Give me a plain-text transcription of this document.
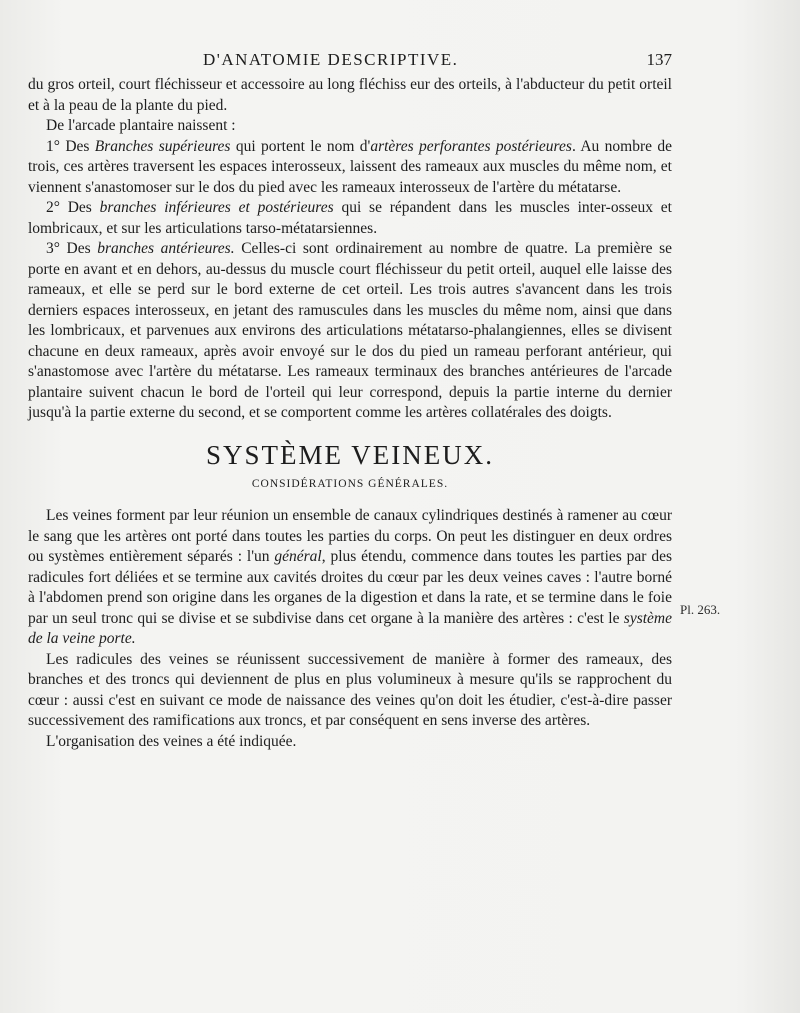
D'ANATOMIE DESCRIPTIVE.	137

du gros orteil, court fléchisseur et accessoire au long fléchiss eur des orteils, à l'abducteur du petit orteil et à la peau de la plante du pied.

De l'arcade plantaire naissent :

1° Des Branches supérieures qui portent le nom d'artères perforantes postérieures. Au nombre de trois, ces artères traversent les espaces interosseux, laissent des rameaux aux muscles du même nom, et viennent s'anastomoser sur le dos du pied avec les rameaux interosseux de l'artère du métatarse.

2° Des branches inférieures et postérieures qui se répandent dans les muscles inter-osseux et lombricaux, et sur les articulations tarso-métatarsiennes.

3° Des branches antérieures. Celles-ci sont ordinairement au nombre de quatre. La première se porte en avant et en dehors, au-dessus du muscle court fléchisseur du petit orteil, auquel elle laisse des rameaux, et elle se perd sur le bord externe de cet orteil. Les trois autres s'avancent dans les trois derniers espaces interosseux, en jetant des ramuscules dans les muscles du même nom, ainsi que dans les lombricaux, et parvenues aux environs des articulations métatarso-phalangiennes, elles se divisent chacune en deux rameaux, après avoir envoyé sur le dos du pied un rameau perforant antérieur, qui s'anastomose avec l'artère du métatarse. Les rameaux terminaux des branches antérieures de l'arcade plantaire suivent chacun le bord de l'orteil qui leur correspond, depuis la partie interne du dernier jusqu'à la partie externe du second, et se comportent comme les artères collatérales des doigts.

SYSTÈME VEINEUX.
CONSIDÉRATIONS GÉNÉRALES.

Les veines forment par leur réunion un ensemble de canaux cylindriques destinés à ramener au cœur le sang que les artères ont porté dans toutes les parties du corps. On peut les distinguer en deux ordres ou systèmes entièrement séparés : l'un général, plus étendu, commence dans toutes les parties par des radicules fort déliées et se termine aux cavités droites du cœur par les deux veines caves : l'autre borné à l'abdomen prend son origine dans les organes de la digestion et dans la rate, et se termine dans le foie par un seul tronc qui se divise et se subdivise dans cet organe à la manière des artères : c'est le système de la veine porte.

Les radicules des veines se réunissent successivement de manière à former des rameaux, des branches et des troncs qui deviennent de plus en plus volumineux à mesure qu'ils se rapprochent du cœur : aussi c'est en suivant ce mode de naissance des veines qu'on doit les étudier, c'est-à-dire passer successivement des ramifications aux troncs, et par conséquent en sens inverse des artères.

L'organisation des veines a été indiquée.

Pl. 263.
